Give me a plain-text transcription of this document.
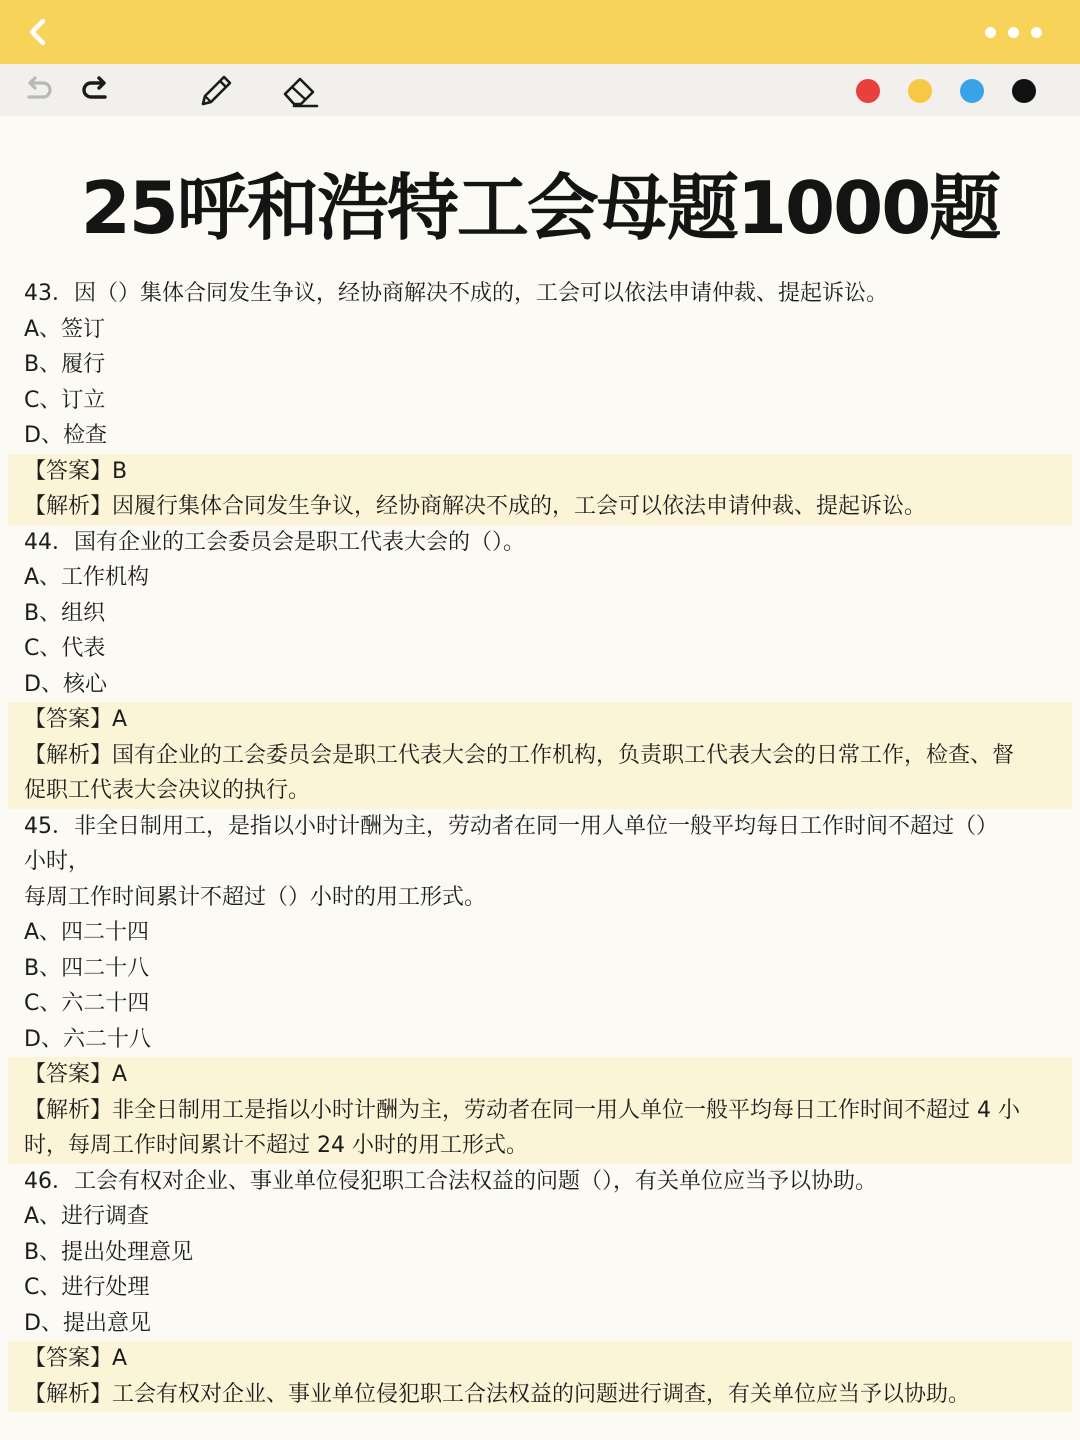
25呼和浩特工会母题1000题
43．因（）集体合同发生争议，经协商解决不成的，工会可以依法申请仲裁、提起诉讼。
A、签订
B、履行
C、订立
D、检查
【答案】B
【解析】因履行集体合同发生争议，经协商解决不成的，工会可以依法申请仲裁、提起诉讼。
44．国有企业的工会委员会是职工代表大会的（）。
A、工作机构
B、组织
C、代表
D、核心
【答案】A
【解析】国有企业的工会委员会是职工代表大会的工作机构，负责职工代表大会的日常工作，检查、督
促职工代表大会决议的执行。
45．非全日制用工，是指以小时计酬为主，劳动者在同一用人单位一般平均每日工作时间不超过（）
小时，
每周工作时间累计不超过（）小时的用工形式。
A、四二十四
B、四二十八
C、六二十四
D、六二十八
【答案】A
【解析】非全日制用工是指以小时计酬为主，劳动者在同一用人单位一般平均每日工作时间不超过 4 小
时，每周工作时间累计不超过 24 小时的用工形式。
46．工会有权对企业、事业单位侵犯职工合法权益的问题（），有关单位应当予以协助。
A、进行调查
B、提出处理意见
C、进行处理
D、提出意见
【答案】A
【解析】工会有权对企业、事业单位侵犯职工合法权益的问题进行调查，有关单位应当予以协助。
